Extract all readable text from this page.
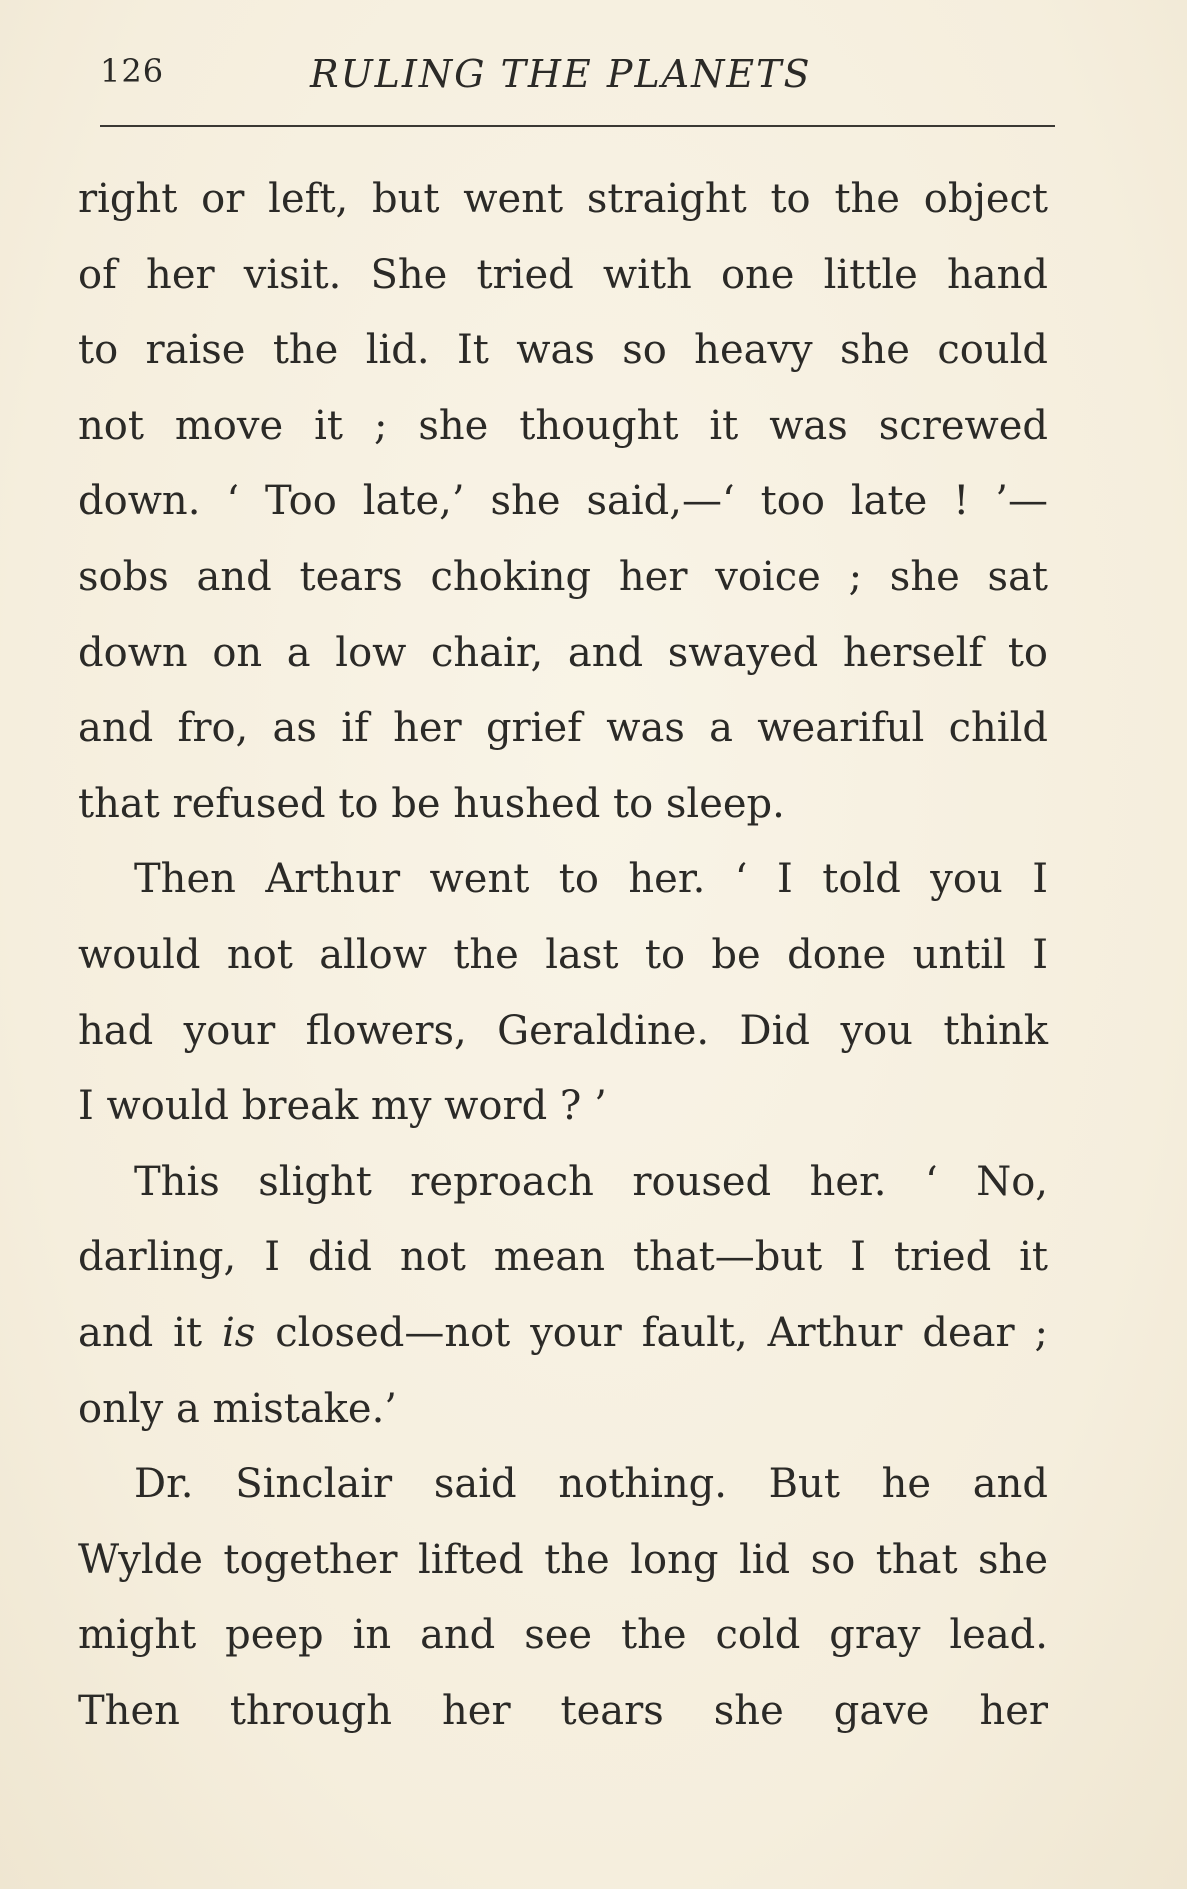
126	RULING THE PLANETS
right or left, but went straight to the object
of her visit. She tried with one little hand
to raise the lid. It was so heavy she could
not move it ; she thought it was screwed
down. ‘ Too late,’ she said,—‘ too late ! ’—
sobs and tears choking her voice ; she sat
down on a low chair, and swayed herself to
and fro, as if her grief was a weariful child
that refused to be hushed to sleep.
Then Arthur went to her. ‘ I told you I
would not allow the last to be done until I
had your flowers, Geraldine. Did you think
I would break my word ? ’
This slight reproach roused her. ‘ No,
darling, I did not mean that—but I tried it
and it is closed—not your fault, Arthur dear ;
only a mistake.’
Dr. Sinclair said nothing. But he and
Wylde together lifted the long lid so that she
might peep in and see the cold gray lead.
Then through her tears she gave her
